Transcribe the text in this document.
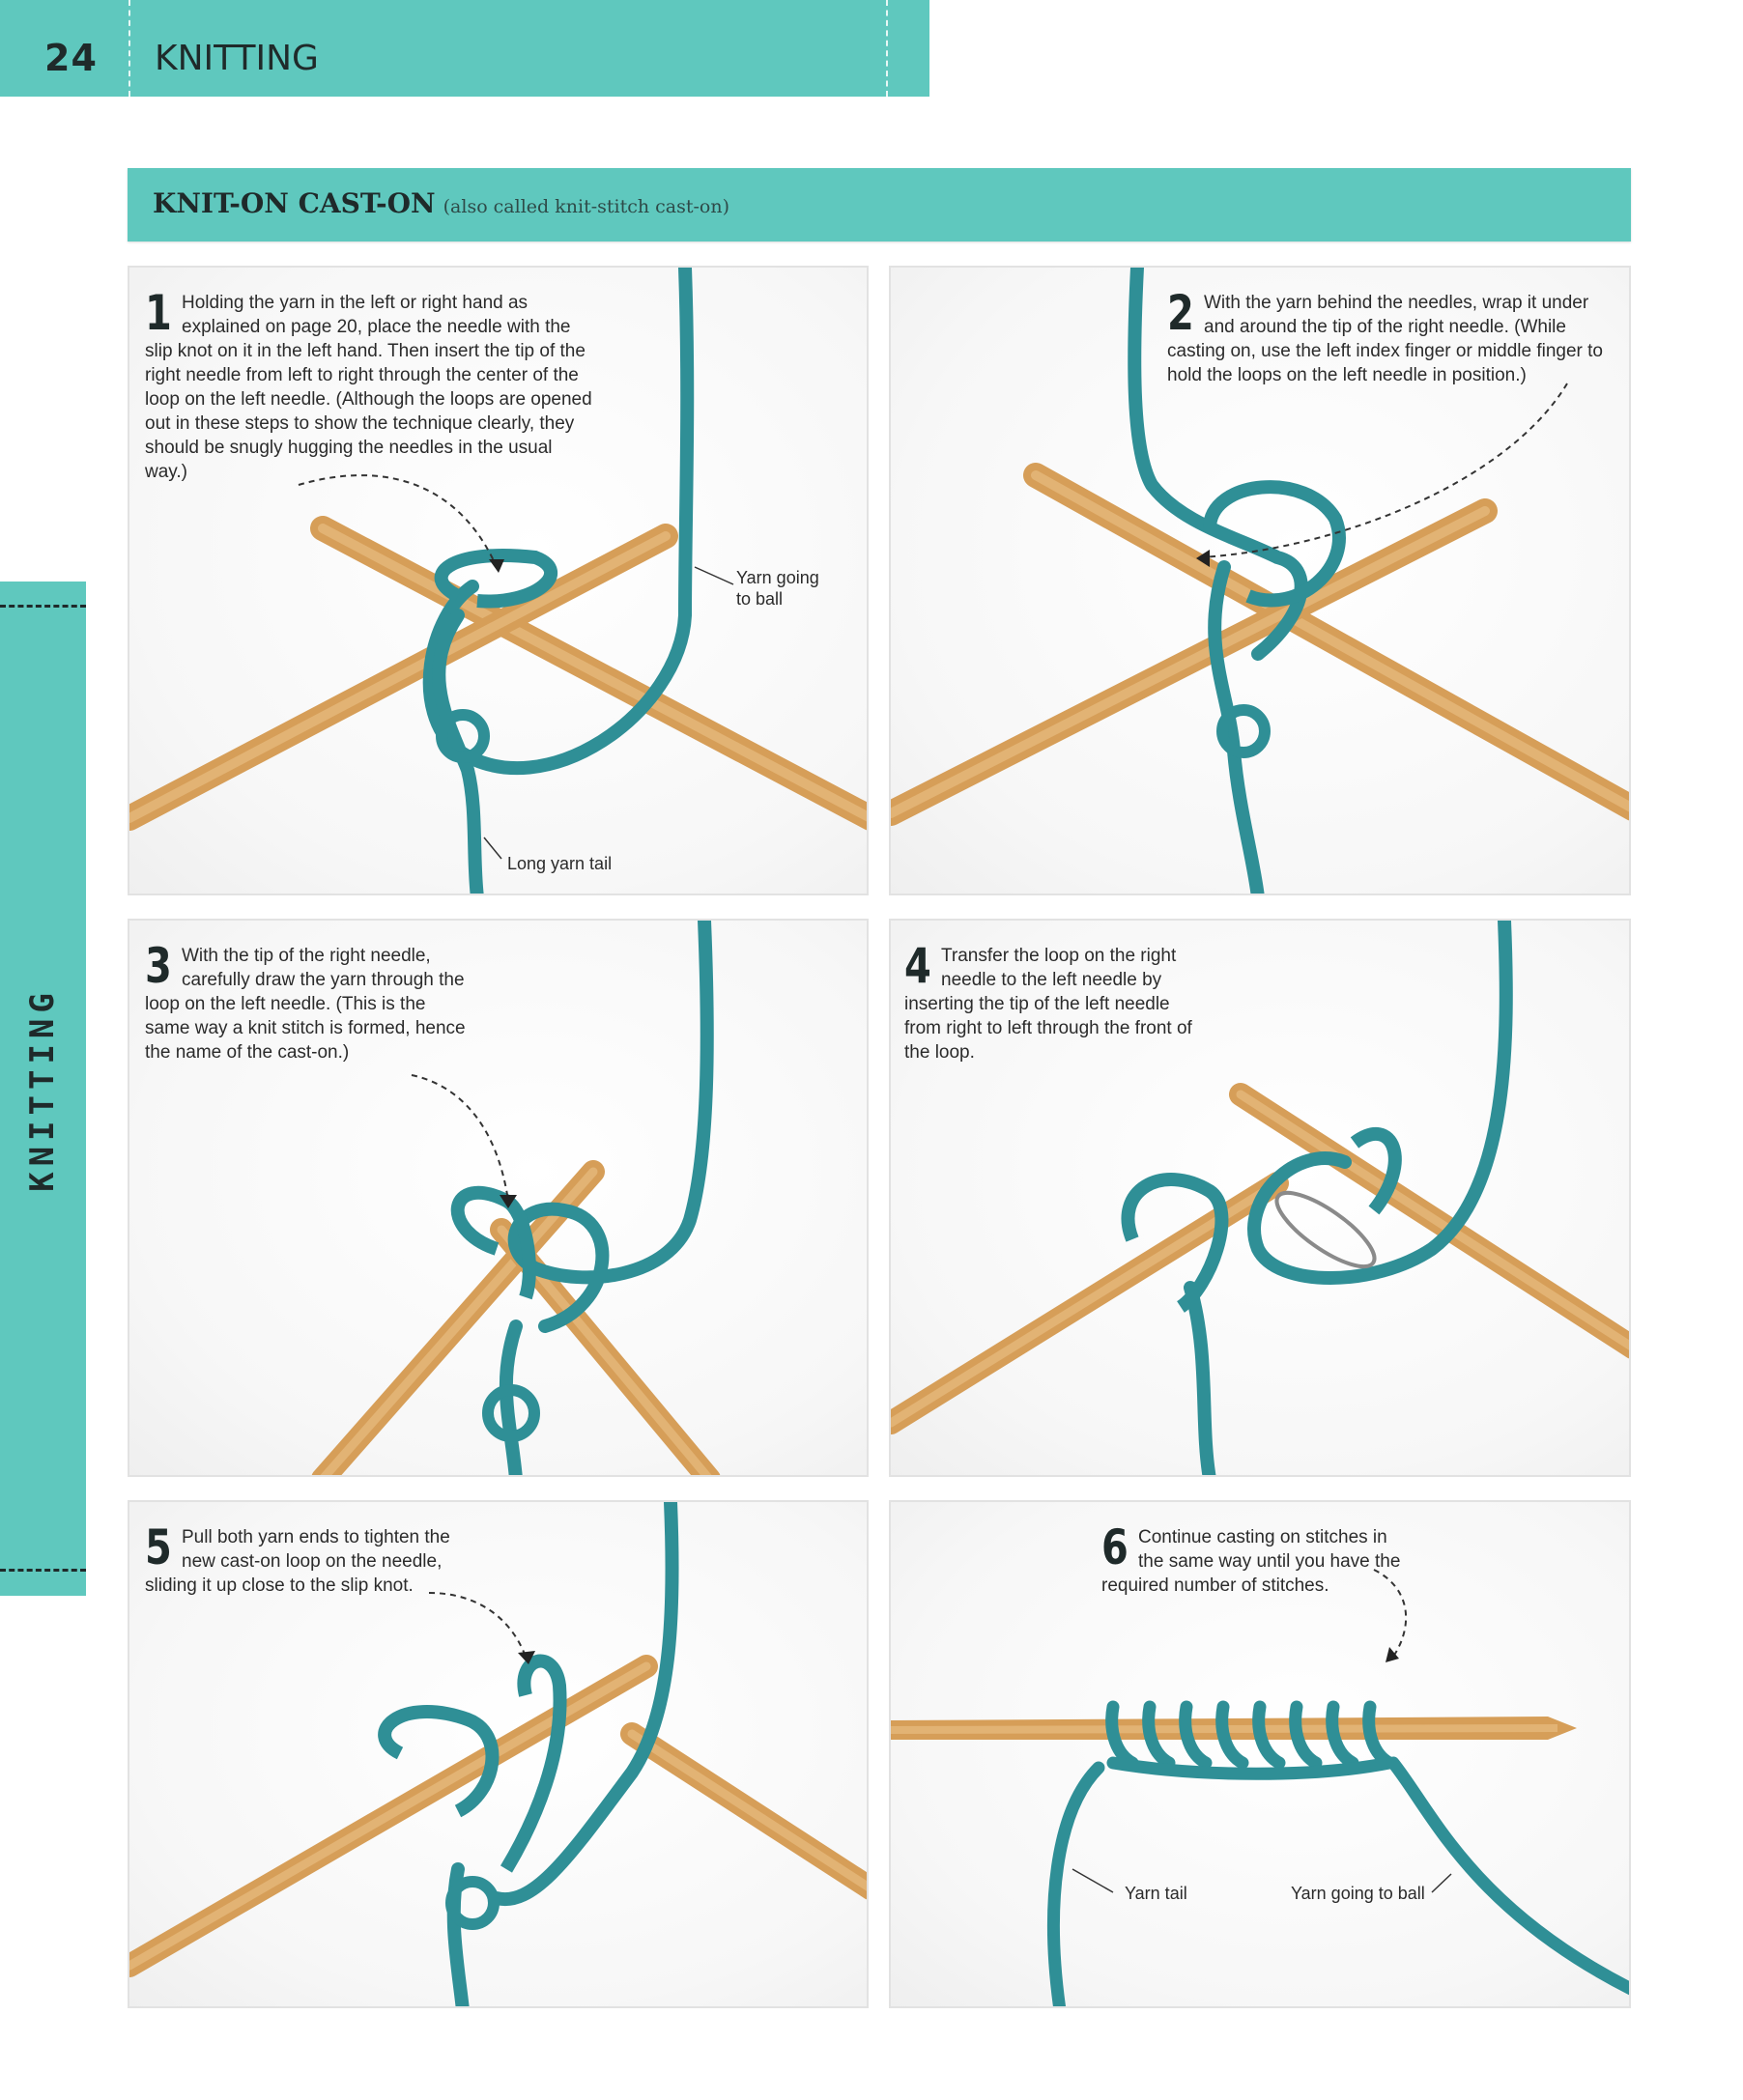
24 KNITTING
KNITTING
KNIT-ON CAST-ON (also called knit-stitch cast-on)
1 Holding the yarn in the left or right hand as explained on page 20, place the needle with the slip knot on it in the left hand. Then insert the tip of the right needle from left to right through the center of the loop on the left needle. (Although the loops are opened out in these steps to show the technique clearly, they should be snugly hugging the needles in the usual way.)
Yarn going to ball
Long yarn tail
2 With the yarn behind the needles, wrap it under and around the tip of the right needle. (While casting on, use the left index finger or middle finger to hold the loops on the left needle in position.)
3 With the tip of the right needle, carefully draw the yarn through the loop on the left needle. (This is the same way a knit stitch is formed, hence the name of the cast-on.)
4 Transfer the loop on the right needle to the left needle by inserting the tip of the left needle from right to left through the front of the loop.
5 Pull both yarn ends to tighten the new cast-on loop on the needle, sliding it up close to the slip knot.
6 Continue casting on stitches in the same way until you have the required number of stitches.
Yarn tail	Yarn going to ball
